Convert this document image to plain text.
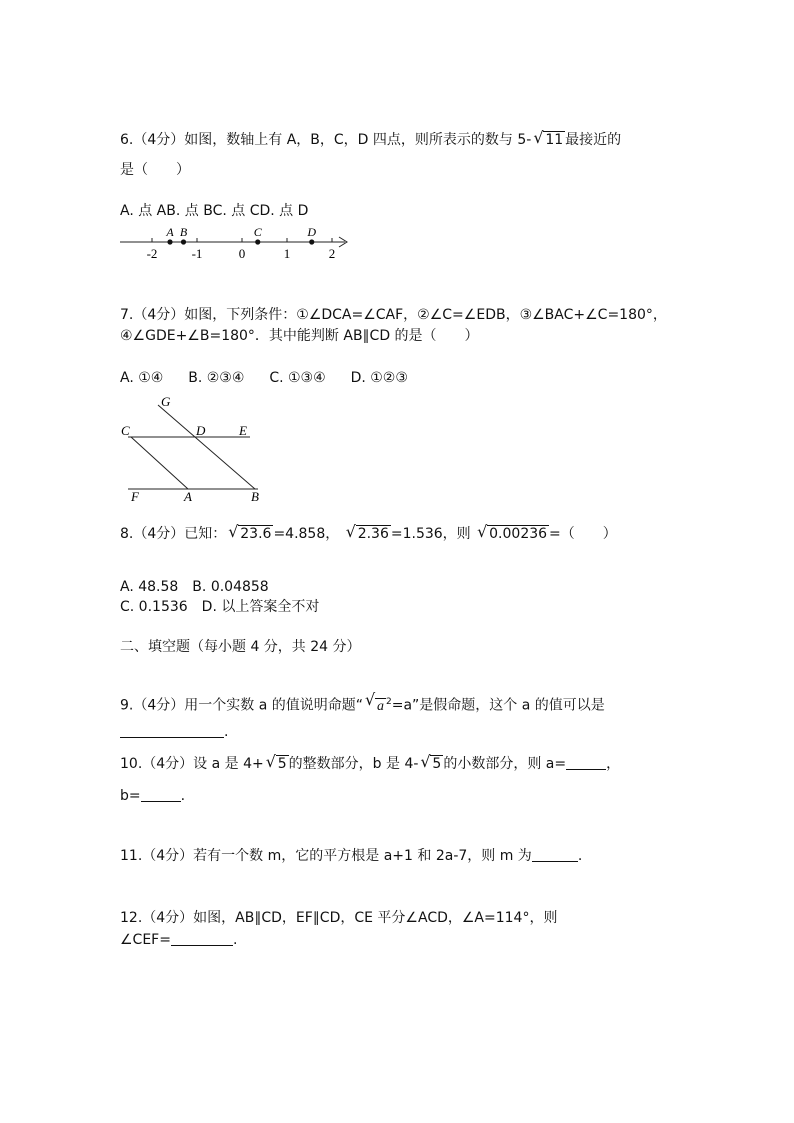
6.（4分）如图，数轴上有 A，B，C，D 四点，则所表示的数与 5- √ 11 最接近的
是（　　）
A. 点 AB. 点 BC. 点 CD. 点 D
-2	-1	0	1	2
A B	C	D
7.（4分）如图，下列条件：①∠DCA=∠CAF，②∠C=∠EDB，③∠BAC+∠C=180°，
④∠GDE+∠B=180°．其中能判断 AB∥CD 的是（　　）
A. ①④ B. ②③④ C. ①③④ D. ①②③
G
C	D	E
F	A	B
8.（4分）已知： √ 23.6 =4.858， √ 2.36 =1.536，则 √ 0.00236 =（　　）
A. 48.58　B. 0.04858
C. 0.1536　D. 以上答案全不对
二、填空题（每小题 4 分，共 24 分）
9.（4分）用一个实数 a 的值说明命题“ √ a $^2$=a”是假命题，这个 a 的值可以是
.
10.（4分）设 a 是 4+ √ 5 的整数部分，b 是 4- √ 5 的小数部分，则 a=	，
b=	.
11.（4分）若有一个数 m，它的平方根是 a+1 和 2a-7，则 m 为	.
12.（4分）如图，AB∥CD，EF∥CD，CE 平分∠ACD，∠A=114°，则
∠CEF=	.
